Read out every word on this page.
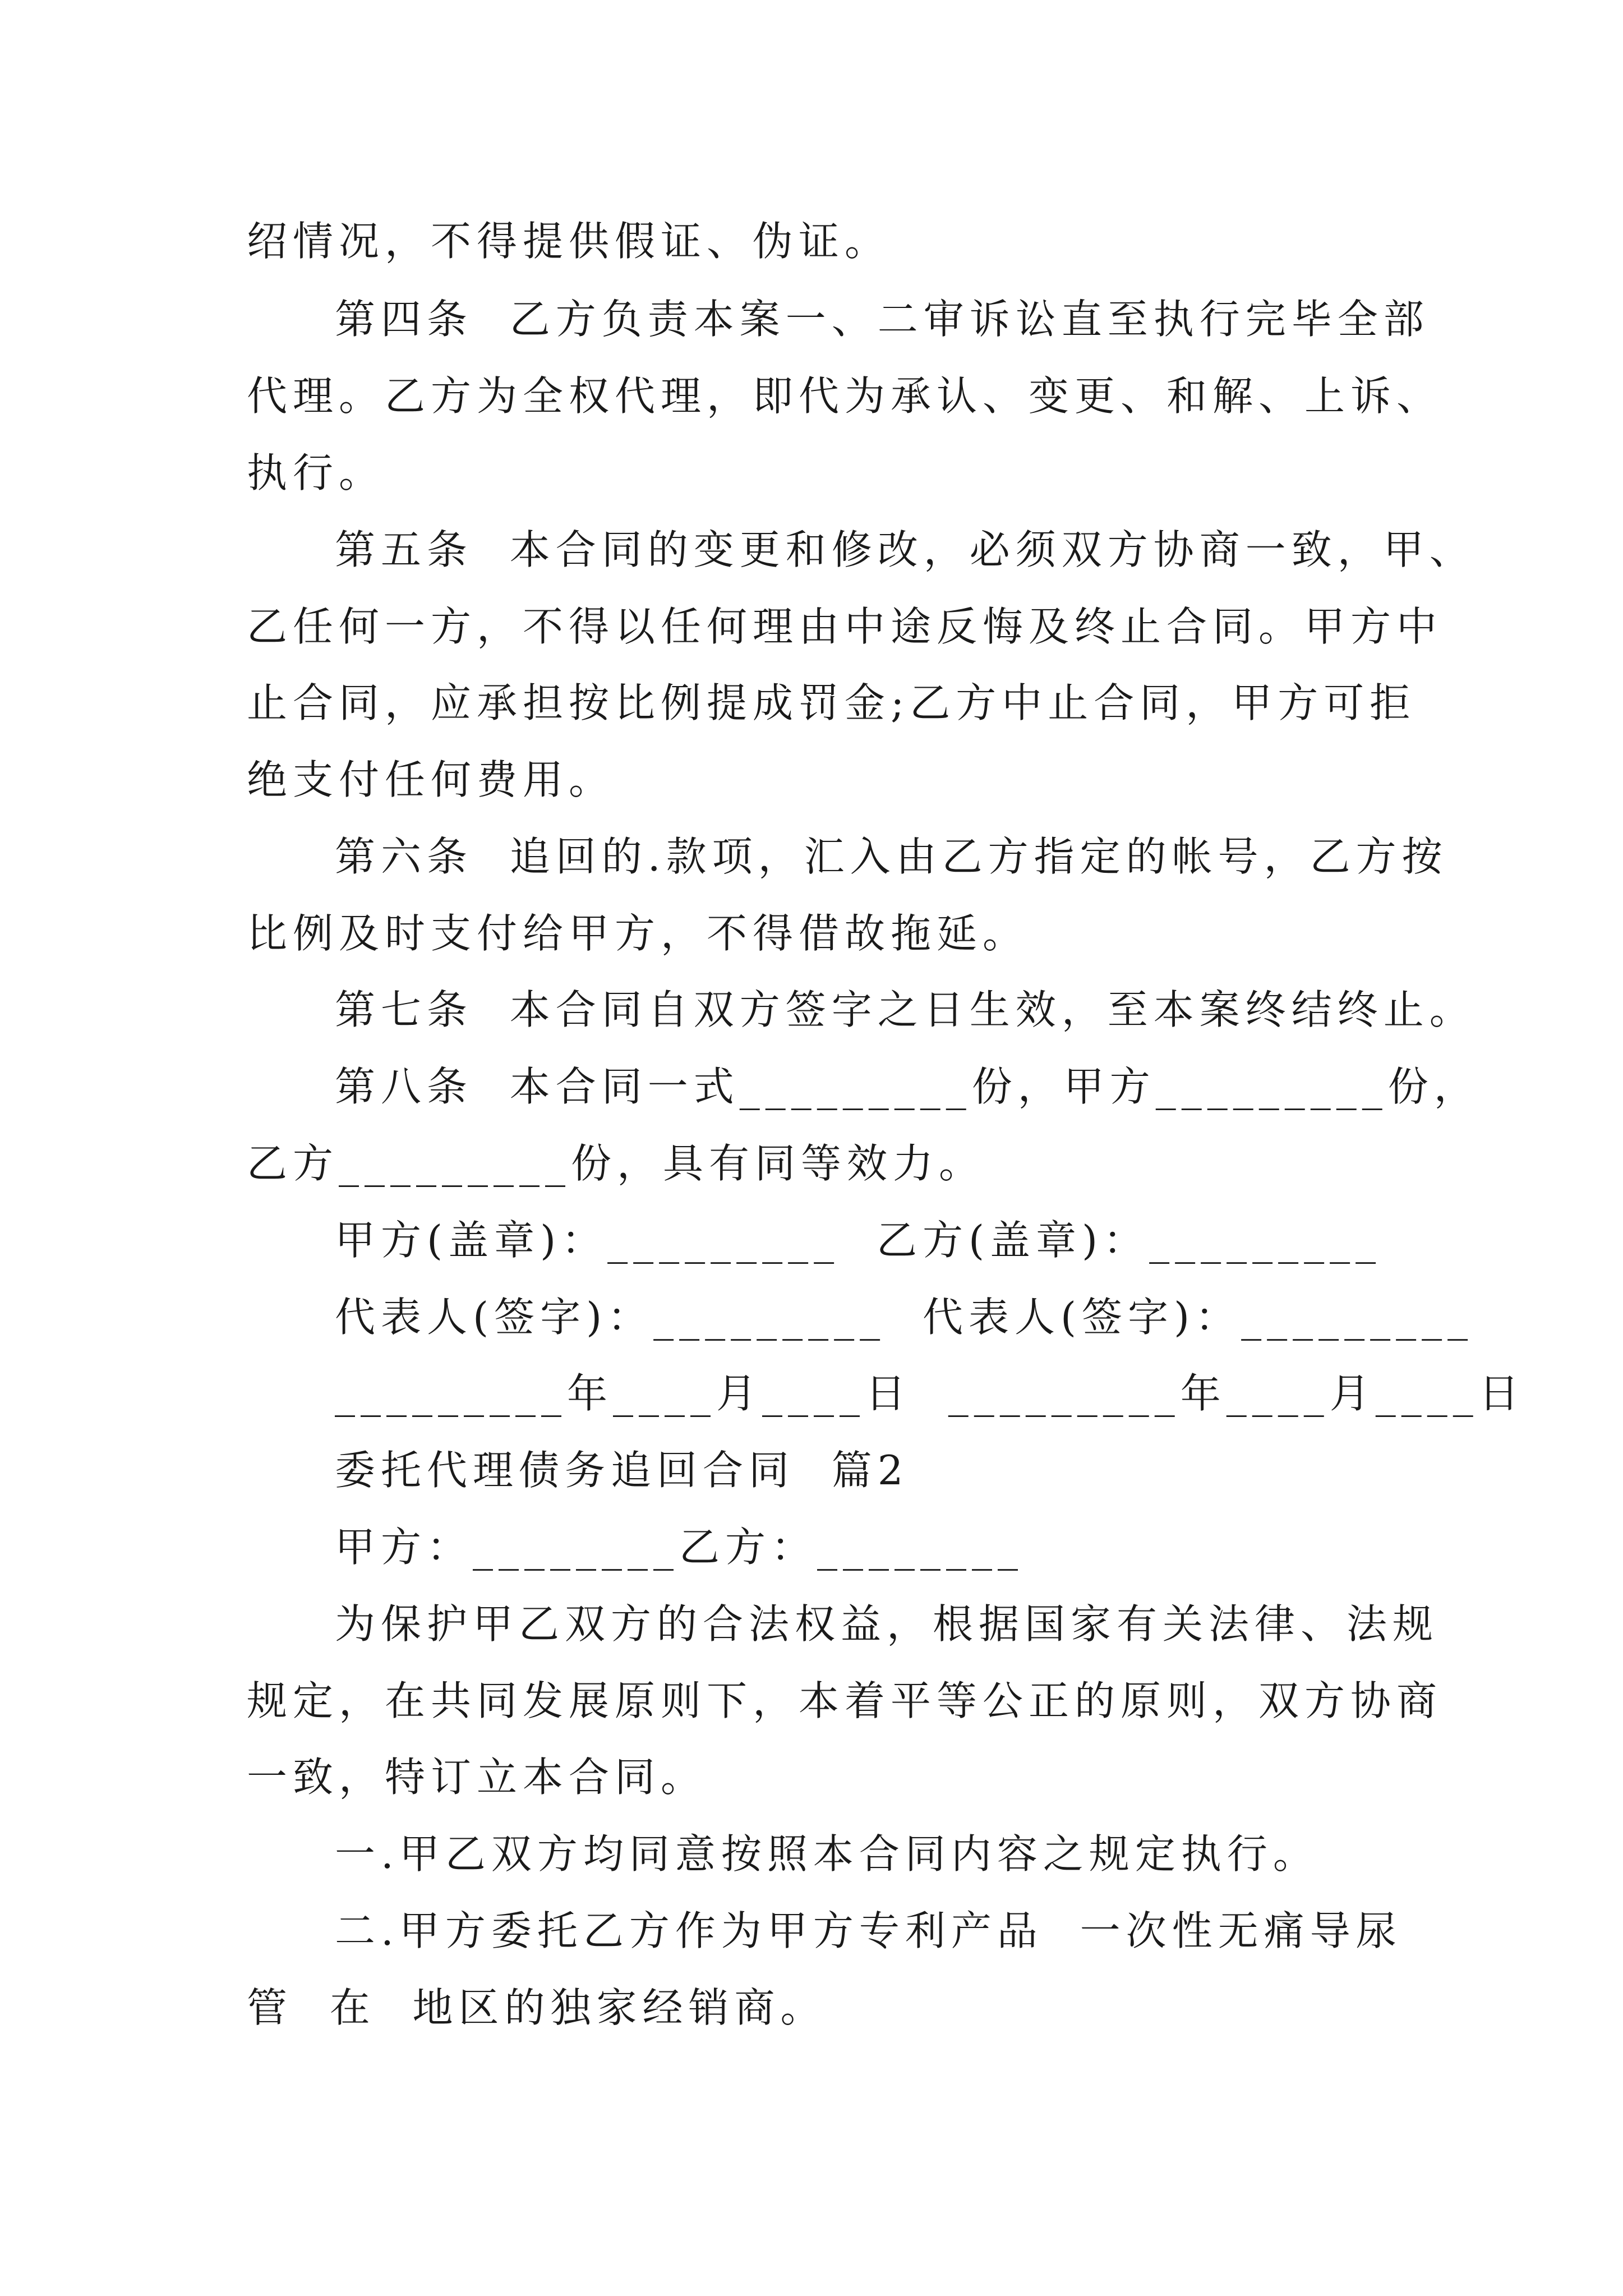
绍情况，不得提供假证、伪证。
第四条  乙方负责本案一、二审诉讼直至执行完毕全部
代理。乙方为全权代理，即代为承认、变更、和解、上诉、
执行。
第五条  本合同的变更和修改，必须双方协商一致，甲、
乙任何一方，不得以任何理由中途反悔及终止合同。甲方中
止合同，应承担按比例提成罚金;乙方中止合同，甲方可拒
绝支付任何费用。
第六条  追回的.款项，汇入由乙方指定的帐号，乙方按
比例及时支付给甲方，不得借故拖延。
第七条  本合同自双方签字之日生效，至本案终结终止。
第八条  本合同一式_________份，甲方_________份，
乙方_________份，具有同等效力。
甲方(盖章)：_________  乙方(盖章)：_________
代表人(签字)：_________  代表人(签字)：_________
_________年____月____日  _________年____月____日
委托代理债务追回合同  篇2
甲方：________乙方：________
为保护甲乙双方的合法权益，根据国家有关法律、法规
规定，在共同发展原则下，本着平等公正的原则，双方协商
一致，特订立本合同。
一.甲乙双方均同意按照本合同内容之规定执行。
二.甲方委托乙方作为甲方专利产品  一次性无痛导尿
管  在  地区的独家经销商。
